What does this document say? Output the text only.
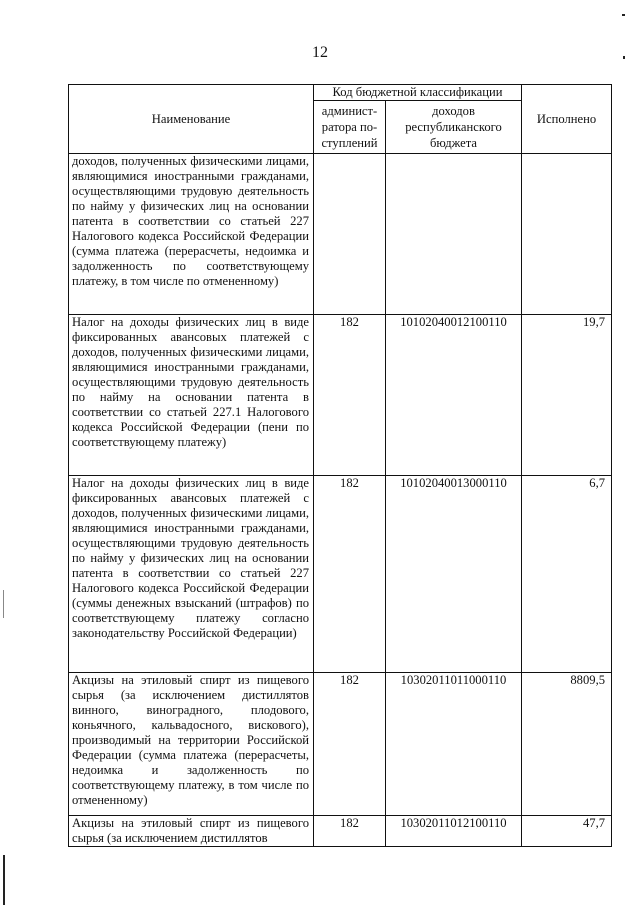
12
Наименование	Код бюджетной классификации		Исполнено
	админист-ратора по-ступлений	доходов республиканского бюджета	
доходов, полученных физическими лицами, являющимися иностранными гражданами, осуществляющими трудовую деятельность по найму у физических лиц на основании патента в соответствии со статьей 227 Налогового кодекса Российской Федерации (сумма платежа (перерасчеты, недоимка и задолженность по соответствующему платежу, в том числе по отмененному)			
Налог на доходы физических лиц в виде фиксированных авансовых платежей с доходов, полученных физическими лицами, являющимися иностранными гражданами, осуществляющими трудовую деятельность по найму на основании патента в соответствии со статьей 227.1 Налогового кодекса Российской Федерации (пени по соответствующему платежу)	182	10102040012100110	19,7
Налог на доходы физических лиц в виде фиксированных авансовых платежей с доходов, полученных физическими лицами, являющимися иностранными гражданами, осуществляющими трудовую деятельность по найму у физических лиц на основании патента в соответствии со статьей 227 Налогового кодекса Российской Федерации (суммы денежных взысканий (штрафов) по соответствующему платежу согласно законодательству Российской Федерации)	182	10102040013000110	6,7
Акцизы на этиловый спирт из пищевого сырья (за исключением дистиллятов винного, виноградного, плодового, коньячного, кальвадосного, вискового), производимый на территории Российской Федерации (сумма платежа (перерасчеты, недоимка и задолженность по соответствующему платежу, в том числе по отмененному)	182	10302011011000110	8809,5
Акцизы на этиловый спирт из пищевого сырья (за исключением дистиллятов	182	10302011012100110	47,7
